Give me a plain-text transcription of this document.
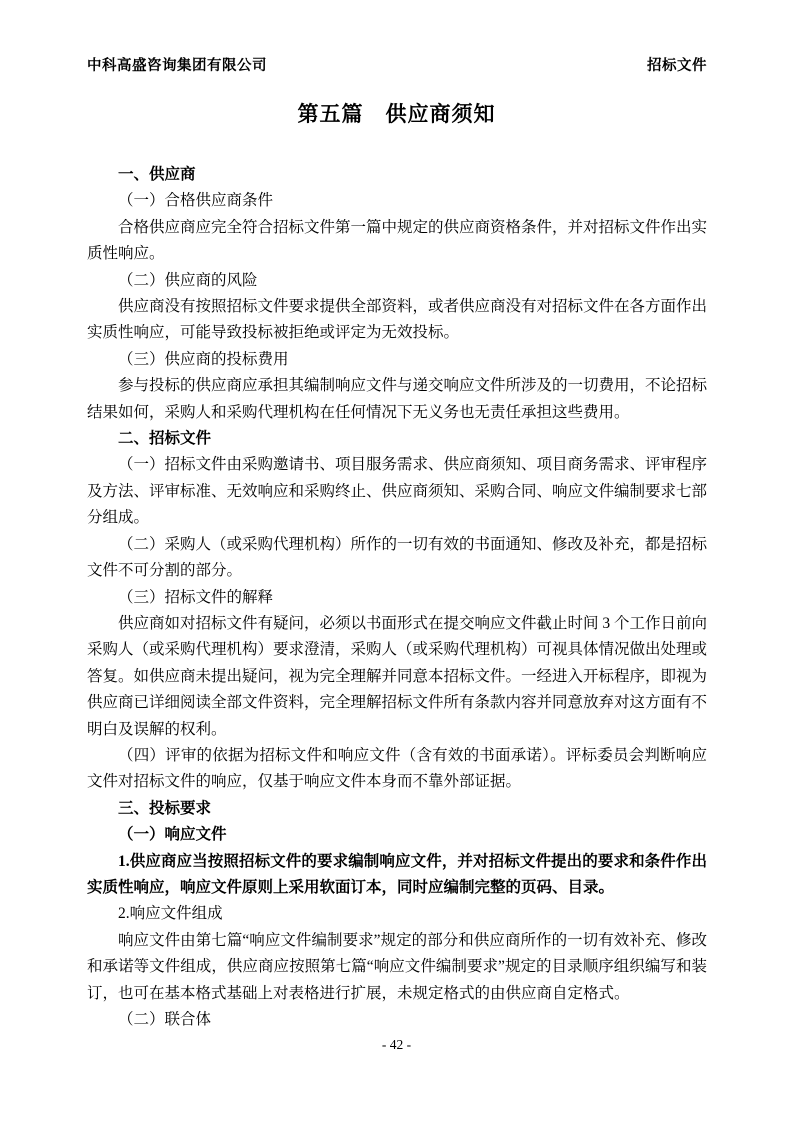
中科高盛咨询集团有限公司	招标文件
第五篇　供应商须知

一、供应商

（一）合格供应商条件

合格供应商应完全符合招标文件第一篇中规定的供应商资格条件，并对招标文件作出实质性响应。

（二）供应商的风险

供应商没有按照招标文件要求提供全部资料，或者供应商没有对招标文件在各方面作出实质性响应，可能导致投标被拒绝或评定为无效投标。

（三）供应商的投标费用

参与投标的供应商应承担其编制响应文件与递交响应文件所涉及的一切费用，不论招标结果如何，采购人和采购代理机构在任何情况下无义务也无责任承担这些费用。

二、招标文件

（一）招标文件由采购邀请书、项目服务需求、供应商须知、项目商务需求、评审程序及方法、评审标准、无效响应和采购终止、供应商须知、采购合同、响应文件编制要求七部分组成。

（二）采购人（或采购代理机构）所作的一切有效的书面通知、修改及补充，都是招标文件不可分割的部分。

（三）招标文件的解释

供应商如对招标文件有疑问，必须以书面形式在提交响应文件截止时间 3 个工作日前向采购人（或采购代理机构）要求澄清，采购人（或采购代理机构）可视具体情况做出处理或答复。如供应商未提出疑问，视为完全理解并同意本招标文件。一经进入开标程序，即视为供应商已详细阅读全部文件资料，完全理解招标文件所有条款内容并同意放弃对这方面有不明白及误解的权利。

（四）评审的依据为招标文件和响应文件（含有效的书面承诺）。评标委员会判断响应文件对招标文件的响应，仅基于响应文件本身而不靠外部证据。

三、投标要求

（一）响应文件

1.供应商应当按照招标文件的要求编制响应文件，并对招标文件提出的要求和条件作出实质性响应，响应文件原则上采用软面订本，同时应编制完整的页码、目录。

2.响应文件组成

响应文件由第七篇“响应文件编制要求”规定的部分和供应商所作的一切有效补充、修改和承诺等文件组成，供应商应按照第七篇“响应文件编制要求”规定的目录顺序组织编写和装订，也可在基本格式基础上对表格进行扩展，未规定格式的由供应商自定格式。

（二）联合体

- 42 -
